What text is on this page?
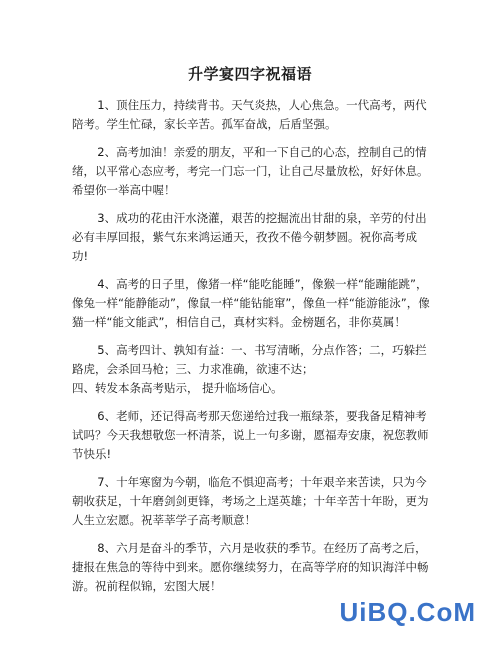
升学宴四字祝福语

1、顶住压力，持续背书。天气炎热，人心焦急。一代高考，两代陪考。学生忙碌，家长辛苦。孤军奋战，后盾坚强。

2、高考加油！亲爱的朋友，平和一下自己的心态，控制自己的情绪，以平常心态应考，考完一门忘一门，让自己尽量放松，好好休息。希望你一举高中喔！

3、成功的花由汗水浇灌，艰苦的挖掘流出甘甜的泉，辛劳的付出必有丰厚回报，紫气东来鸿运通天，孜孜不倦今朝梦圆。祝你高考成 功!

4、高考的日子里，像猪一样“能吃能睡”，像猴一样“能蹦能跳”，像兔一样“能静能动”，像鼠一样“能钻能窜”，像鱼一样“能游能泳”，像猫一样“能文能武”，相信自己，真材实料。金榜题名，非你莫属！

5、高考四计、孰知有益：一、书写清晰，分点作答；二，巧躲拦路虎，会杀回马枪；三、力求准确，欲速不达；

四、转发本条高考贴示， 提升临场信心。

6、老师，还记得高考那天您递给过我一瓶绿茶，要我备足精神考试吗？今天我想敬您一杯清茶，说上一句多谢，愿福寿安康，祝您教师节快乐!

7、十年寒窗为今朝，临危不惧迎高考；十年艰辛来苦读，只为今朝收获足，十年磨剑剑更锋，考场之上逞英雄；十年辛苦十年盼，更为人生立宏愿。祝莘莘学子高考顺意！

8、六月是奋斗的季节，六月是收获的季节。在经历了高考之后，捷报在焦急的等待中到来。愿你继续努力，在高等学府的知识海洋中畅游。祝前程似锦，宏图大展！

UiBQ.CoM
